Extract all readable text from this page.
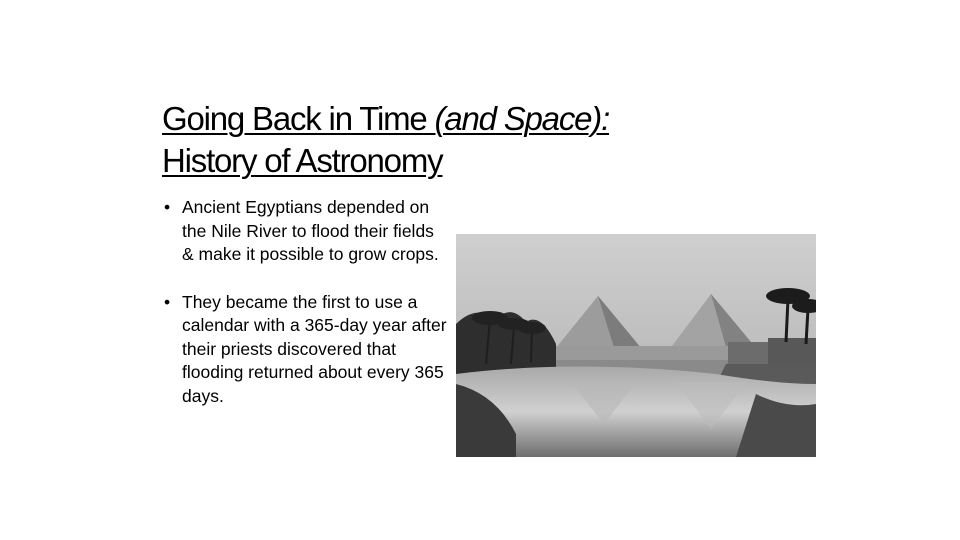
Going Back in Time (and Space):
History of Astronomy
• Ancient Egyptians depended on the Nile River to flood their fields & make it possible to grow crops.
• They became the first to use a calendar with a 365-day year after their priests discovered that flooding returned about every 365 days.
